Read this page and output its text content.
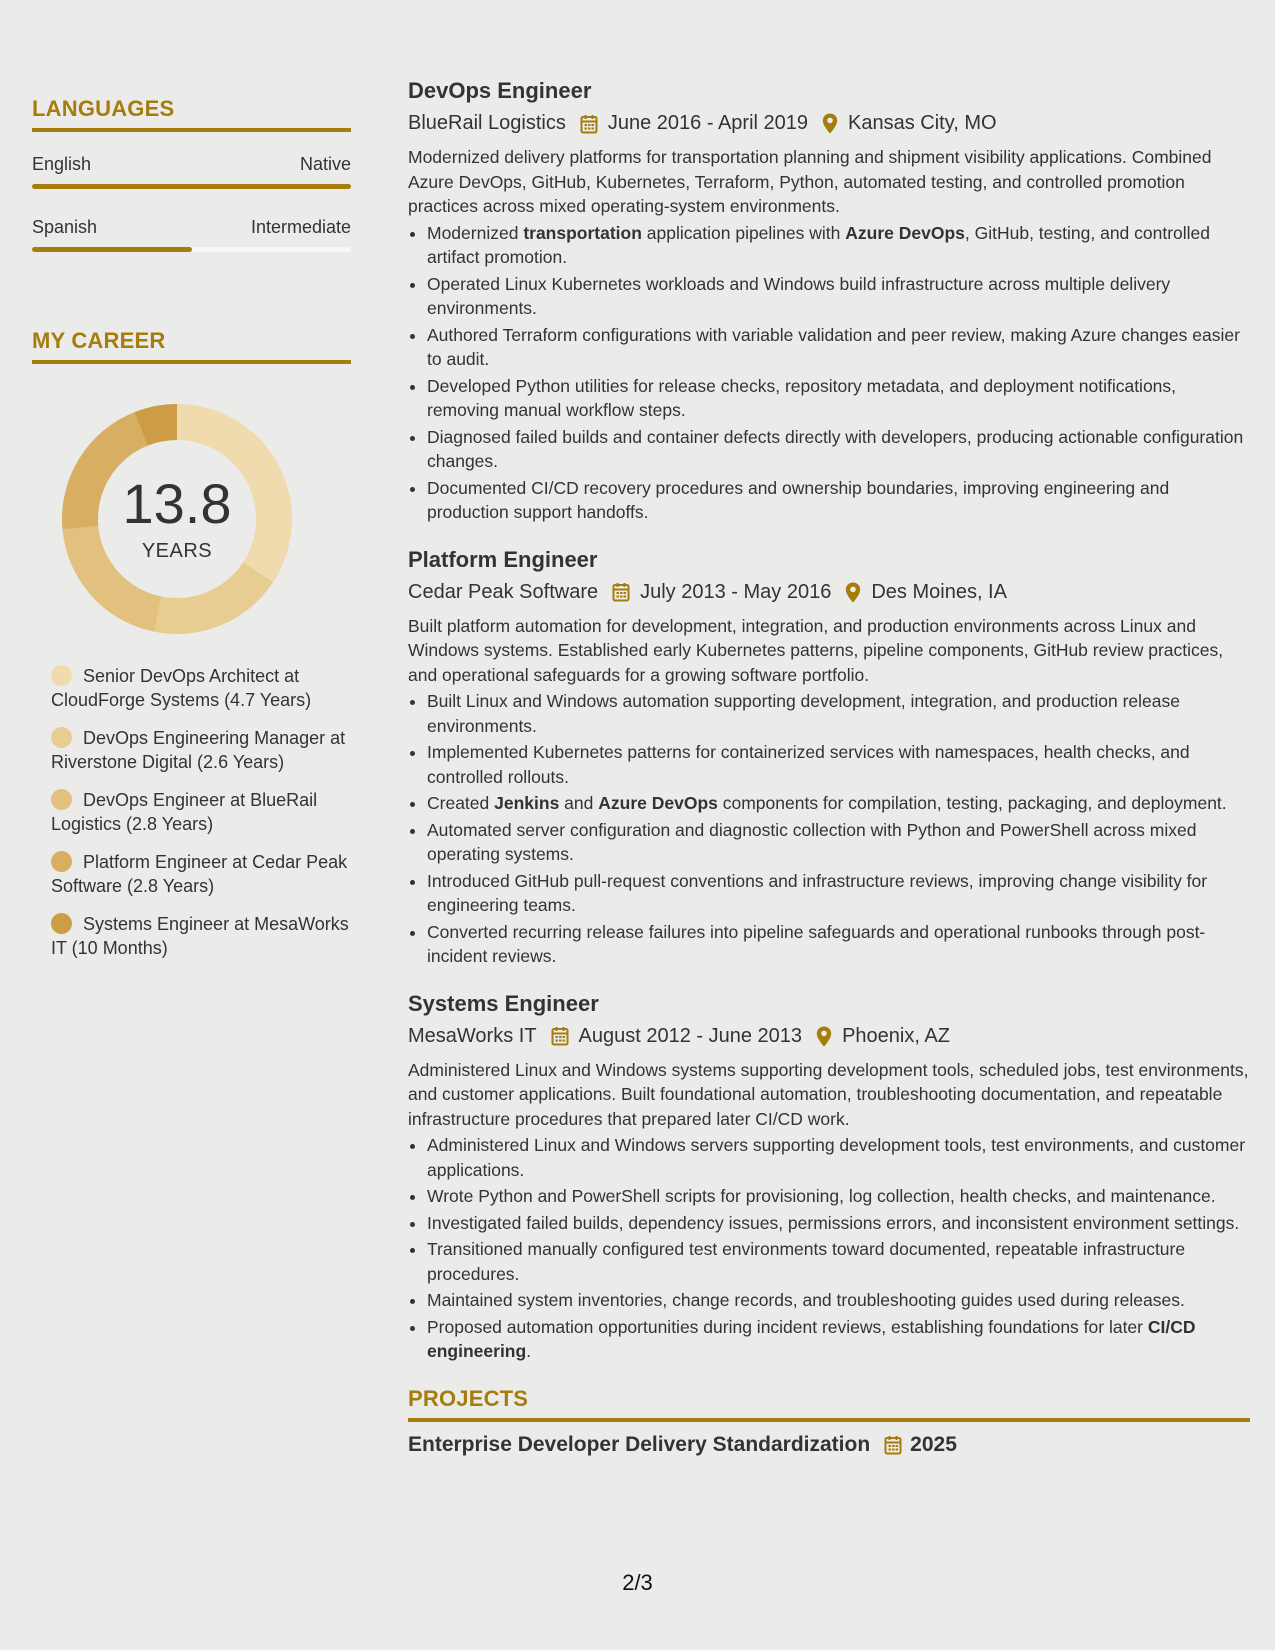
LANGUAGES
English	Native
Spanish	Intermediate
MY CAREER
13.8
YEARS
Senior DevOps Architect at CloudForge Systems (4.7 Years)
DevOps Engineering Manager at Riverstone Digital (2.6 Years)
DevOps Engineer at BlueRail Logistics (2.8 Years)
Platform Engineer at Cedar Peak Software (2.8 Years)
Systems Engineer at MesaWorks IT (10 Months)
DevOps Engineer
BlueRail Logistics June 2016 - April 2019 Kansas City, MO
Modernized delivery platforms for transportation planning and shipment visibility applications. Combined Azure DevOps, GitHub, Kubernetes, Terraform, Python, automated testing, and controlled promotion practices across mixed operating-system environments.
• Modernized transportation application pipelines with Azure DevOps, GitHub, testing, and controlled artifact promotion.
• Operated Linux Kubernetes workloads and Windows build infrastructure across multiple delivery environments.
• Authored Terraform configurations with variable validation and peer review, making Azure changes easier to audit.
• Developed Python utilities for release checks, repository metadata, and deployment notifications, removing manual workflow steps.
• Diagnosed failed builds and container defects directly with developers, producing actionable configuration changes.
• Documented CI/CD recovery procedures and ownership boundaries, improving engineering and production support handoffs.
Platform Engineer
Cedar Peak Software July 2013 - May 2016 Des Moines, IA
Built platform automation for development, integration, and production environments across Linux and Windows systems. Established early Kubernetes patterns, pipeline components, GitHub review practices, and operational safeguards for a growing software portfolio.
• Built Linux and Windows automation supporting development, integration, and production release environments.
• Implemented Kubernetes patterns for containerized services with namespaces, health checks, and controlled rollouts.
• Created Jenkins and Azure DevOps components for compilation, testing, packaging, and deployment.
• Automated server configuration and diagnostic collection with Python and PowerShell across mixed operating systems.
• Introduced GitHub pull-request conventions and infrastructure reviews, improving change visibility for engineering teams.
• Converted recurring release failures into pipeline safeguards and operational runbooks through post-incident reviews.
Systems Engineer
MesaWorks IT August 2012 - June 2013 Phoenix, AZ
Administered Linux and Windows systems supporting development tools, scheduled jobs, test environments, and customer applications. Built foundational automation, troubleshooting documentation, and repeatable infrastructure procedures that prepared later CI/CD work.
• Administered Linux and Windows servers supporting development tools, test environments, and customer applications.
• Wrote Python and PowerShell scripts for provisioning, log collection, health checks, and maintenance.
• Investigated failed builds, dependency issues, permissions errors, and inconsistent environment settings.
• Transitioned manually configured test environments toward documented, repeatable infrastructure procedures.
• Maintained system inventories, change records, and troubleshooting guides used during releases.
• Proposed automation opportunities during incident reviews, establishing foundations for later CI/CD engineering.
PROJECTS
Enterprise Developer Delivery Standardization 2025
2/3
